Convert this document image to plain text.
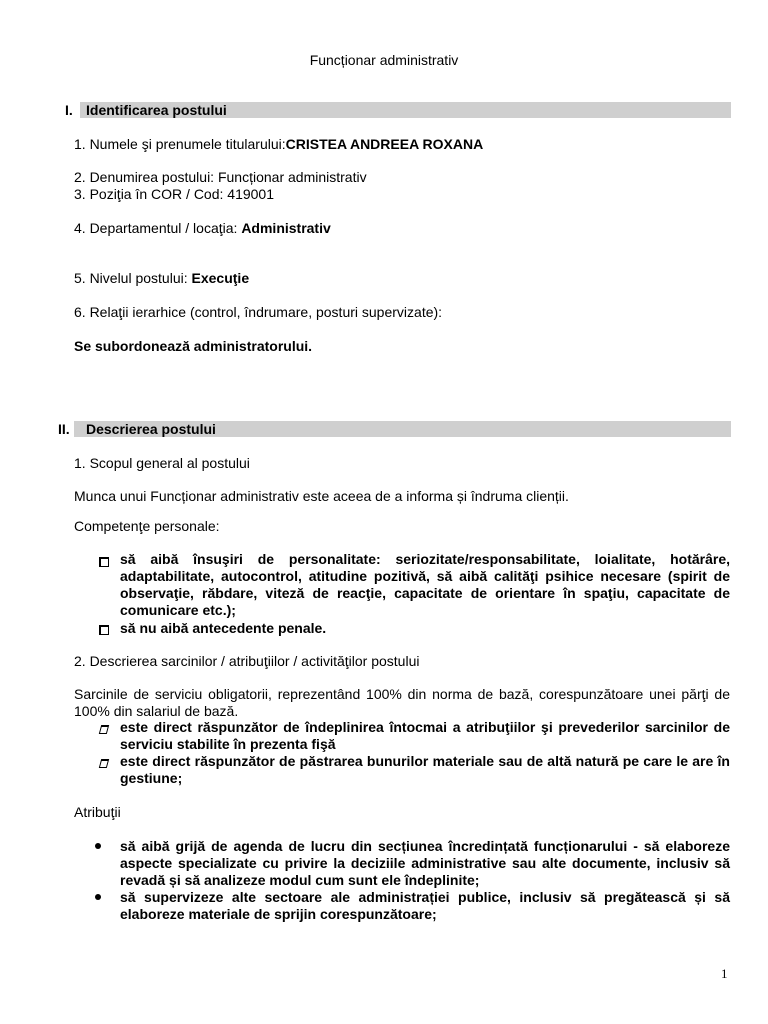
Funcționar administrativ
I. Identificarea postului
1. Numele şi prenumele titularului:CRISTEA ANDREEA ROXANA
2. Denumirea postului: Funcționar administrativ
3. Poziţia în COR / Cod: 419001
4. Departamentul / locaţia: Administrativ
5. Nivelul postului: Execuţie
6. Relaţii ierarhice (control, îndrumare, posturi supervizate):
Se subordonează administratorului.
II. Descrierea postului
1. Scopul general al postului
Munca unui Funcționar administrativ este aceea de a informa și îndruma clienții.
Competenţe personale:
să aibă însuşiri de personalitate: seriozitate/responsabilitate, loialitate, hotărâre, adaptabilitate, autocontrol, atitudine pozitivă, să aibă calităţi psihice necesare (spirit de observaţie, răbdare, viteză de reacţie, capacitate de orientare în spaţiu, capacitate de comunicare etc.);
să nu aibă antecedente penale.
2. Descrierea sarcinilor / atribuţiilor / activităţilor postului
Sarcinile de serviciu obligatorii, reprezentând 100% din norma de bază, corespunzătoare unei părţi de 100% din salariul de bază.
este direct răspunzător de îndeplinirea întocmai a atribuţiilor şi prevederilor sarcinilor de serviciu stabilite în prezenta fişă
este direct răspunzător de păstrarea bunurilor materiale sau de altă natură pe care le are în gestiune;
Atribuţii
să aibă grijă de agenda de lucru din secțiunea încredințată funcționarului - să elaboreze aspecte specializate cu privire la deciziile administrative sau alte documente, inclusiv să revadă și să analizeze modul cum sunt ele îndeplinite;
să supervizeze alte sectoare ale administrației publice, inclusiv să pregătească și să elaboreze materiale de sprijin corespunzătoare;
1
